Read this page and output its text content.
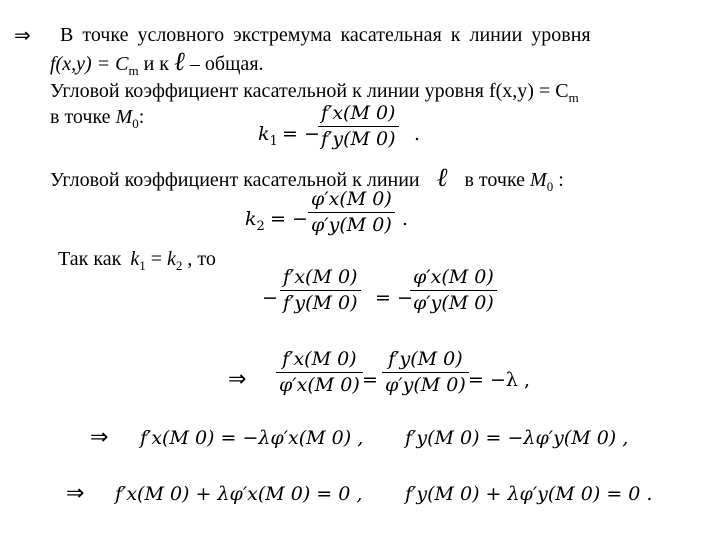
⇒ В точке условного экстремума касательная к линии уровня
$f(x,y) = C_m$ и к ℓ – общая.
Угловой коэффициент касательной к линии уровня $f(x,y) = C_m$
в точке $M_0$:
$k_1$ = −
$\frac{f'x(M 0)}{f'y(M 0)}$ .
Угловой коэффициент касательной к линии ℓ в точке $M_0$ :
$k_2$ = − $\frac{\varphi'x(M 0)}{\varphi'y(M 0)}$ .
Так как $k_1 = k_2$ , то
− $\frac{f'x(M 0)}{f'y(M 0)}$ = −
$\frac{\varphi'x(M 0)}{\varphi'y(M 0)}$
⇒ $\frac{f'x(M 0)}{\varphi'x(M 0)} = \frac{f'y(M 0)}{\varphi'y(M 0)} = -\lambda$ ,
⇒ f′x(M 0) = −λφ′x(M 0) , f′y(M 0) = −λφ′y(M 0) ,
⇒ f′x(M 0) + λφ′x(M 0) = 0 , f′y(M 0) + λφ′y(M 0) = 0 .
